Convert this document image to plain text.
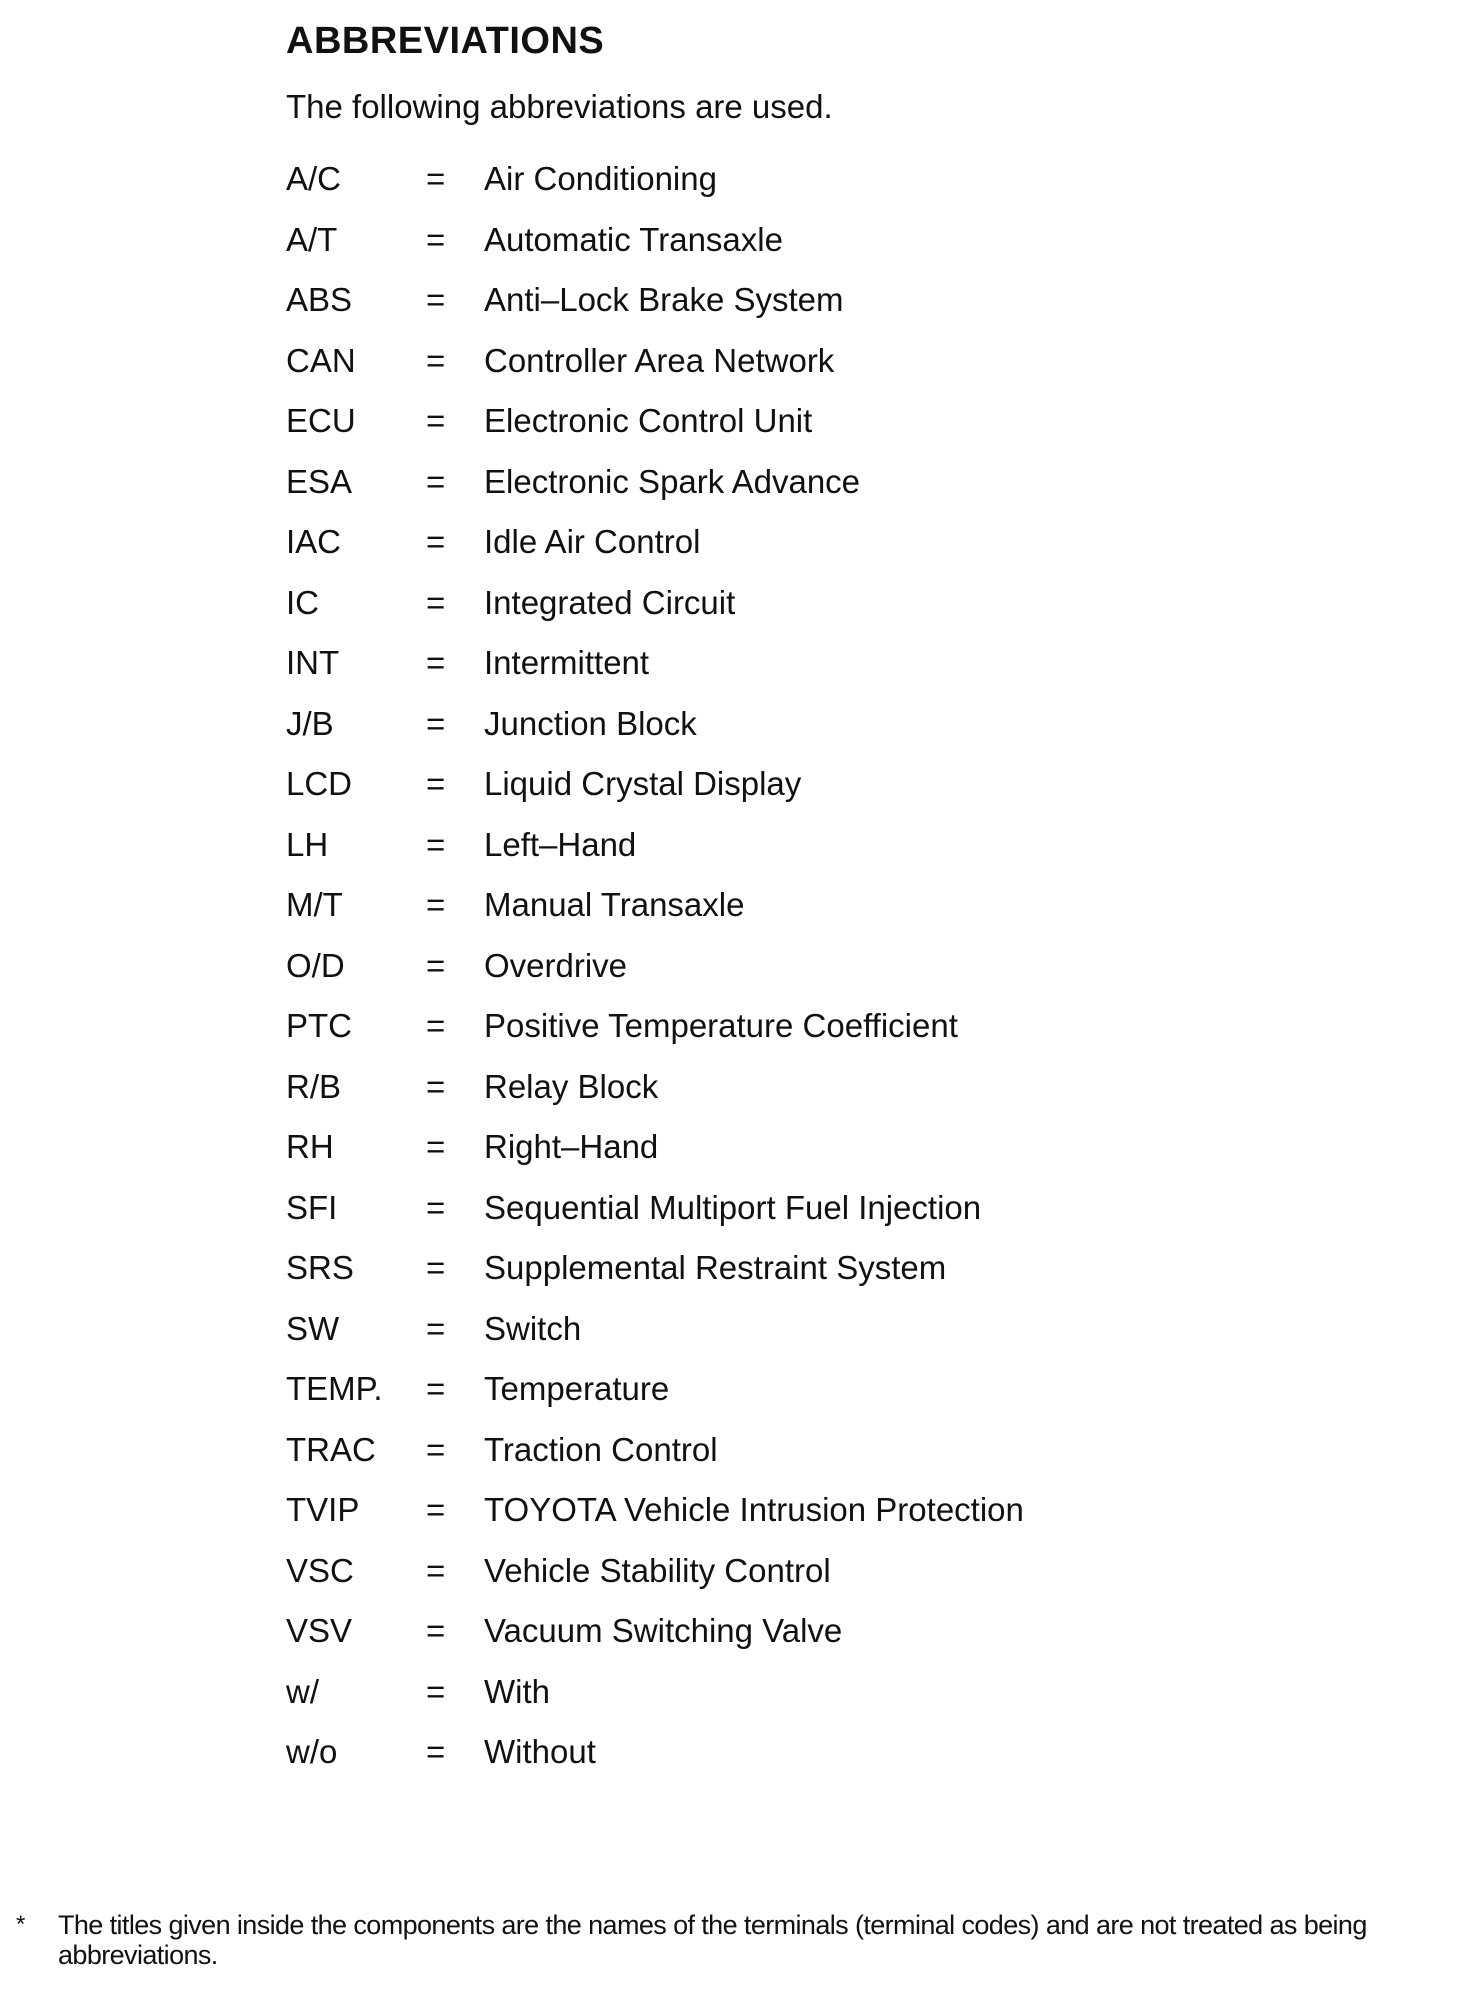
ABBREVIATIONS

The following abbreviations are used.

A/C	=	Air Conditioning
A/T	=	Automatic Transaxle
ABS	=	Anti–Lock Brake System
CAN	=	Controller Area Network
ECU	=	Electronic Control Unit
ESA	=	Electronic Spark Advance
IAC	=	Idle Air Control
IC	=	Integrated Circuit
INT	=	Intermittent
J/B	=	Junction Block
LCD	=	Liquid Crystal Display
LH	=	Left–Hand
M/T	=	Manual Transaxle
O/D	=	Overdrive
PTC	=	Positive Temperature Coefficient
R/B	=	Relay Block
RH	=	Right–Hand
SFI	=	Sequential Multiport Fuel Injection
SRS	=	Supplemental Restraint System
SW	=	Switch
TEMP.	=	Temperature
TRAC	=	Traction Control
TVIP	=	TOYOTA Vehicle Intrusion Protection
VSC	=	Vehicle Stability Control
VSV	=	Vacuum Switching Valve
w/	=	With
w/o	=	Without
* The titles given inside the components are the names of the terminals (terminal codes) and are not treated as being abbreviations.
